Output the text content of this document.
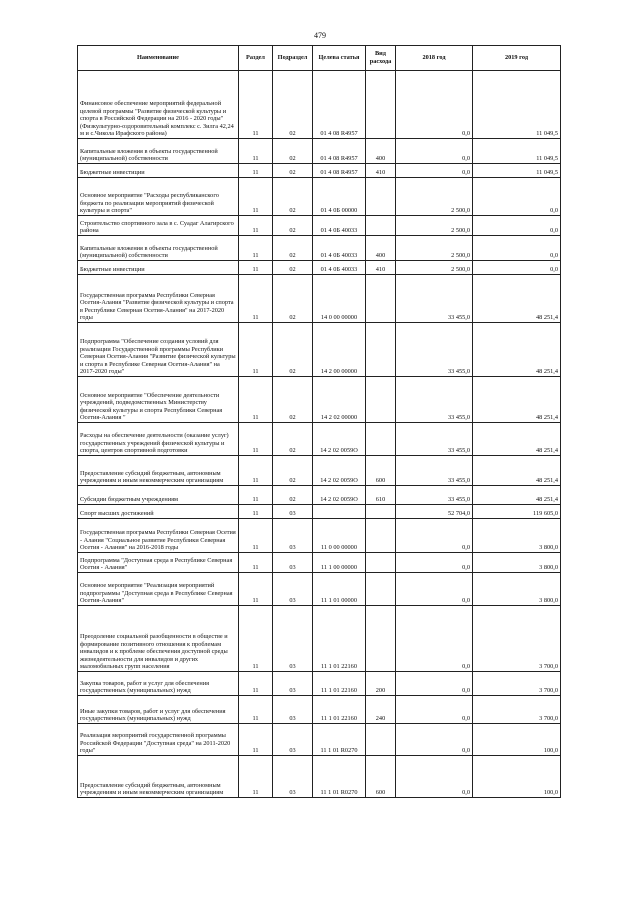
479
Наименование	Раздел	Подраздел	Целева статья	Вид расхода	2018 год	2019 год
Финансовое обеспечение мероприятий федеральной целевой программы "Развитие физической культуры и спорта в Российской Федерации на 2016 - 2020 годы" (Физкультурно-оздоровительный комплекс с. Зилга 42,24 м и с.Чикола Ирафского района)	11	02	01 4 08 R4957		0,0	11 049,5
Капитальные вложения в объекты государственной (муниципальной) собственности	11	02	01 4 08 R4957	400	0,0	11 049,5
Бюджетные инвестиции	11	02	01 4 08 R4957	410	0,0	11 049,5
Основное мероприятие "Расходы республиканского бюджета по реализации мероприятий физической культуры и спорта"	11	02	01 4 0Б 00000		2 500,0	0,0
Строительство спортивного зала в с. Суадаг Алагирского района	11	02	01 4 0Б 40033		2 500,0	0,0
Капитальные вложения в объекты государственной (муниципальной) собственности	11	02	01 4 0Б 40033	400	2 500,0	0,0
Бюджетные инвестиции	11	02	01 4 0Б 40033	410	2 500,0	0,0
Государственная программа Республики Северная Осетия-Алания "Развитие физической культуры и спорта в Республике Северная Осетия-Алания" на 2017-2020 годы	11	02	14 0 00 00000		33 455,0	48 251,4
Подпрограмма "Обеспечение создания условий для реализации Государственной программы Республики Северная Осетия-Алания "Развитие физической культуры и спорта в Республике Северная Осетия-Алания" на 2017-2020 годы"	11	02	14 2 00 00000		33 455,0	48 251,4
Основное мероприятие "Обеспечение деятельности учреждений, подведомственных Министерству физической культуры и спорта Республики Северная Осетия-Алания "	11	02	14 2 02 00000		33 455,0	48 251,4
Расходы на обеспечение деятельности (оказание услуг) государственных учреждений физической культуры и спорта, центров спортивной подготовки	11	02	14 2 02 0059О		33 455,0	48 251,4
Предоставление субсидий бюджетным, автономным учреждениям и иным некоммерческим организациям	11	02	14 2 02 0059О	600	33 455,0	48 251,4
Субсидии бюджетным учреждениям	11	02	14 2 02 0059О	610	33 455,0	48 251,4
Спорт высших достижений	11	03			52 704,0	119 605,0
Государственная программа Республики Северная Осетия - Алания "Социальное развитие Республики Северная Осетия - Алания" на 2016-2018 годы	11	03	11 0 00 00000		0,0	3 800,0
Подпрограмма "Доступная среда в Республике Северная Осетия - Алания"	11	03	11 1 00 00000		0,0	3 800,0
Основное мероприятие "Реализация мероприятий подпрограммы "Доступная среда в Республике Северная Осетия-Алания"	11	03	11 1 01 00000		0,0	3 800,0
Преодоление социальной разобщенности в обществе и формирование позитивного отношения к проблемам инвалидов и к проблеме обеспечения доступной среды жизнедеятельности для инвалидов и других маломобильных групп населения	11	03	11 1 01 22160		0,0	3 700,0
Закупка товаров, работ и услуг для обеспечения государственных (муниципальных) нужд	11	03	11 1 01 22160	200	0,0	3 700,0
Иные закупки товаров, работ и услуг для обеспечения государственных (муниципальных) нужд	11	03	11 1 01 22160	240	0,0	3 700,0
Реализация мероприятий государственной программы Российской Федерации "Доступная среда" на 2011-2020 годы"	11	03	11 1 01 R0270		0,0	100,0
Предоставление субсидий бюджетным, автономным учреждениям и иным некоммерческим организациям	11	03	11 1 01 R0270	600	0,0	100,0
